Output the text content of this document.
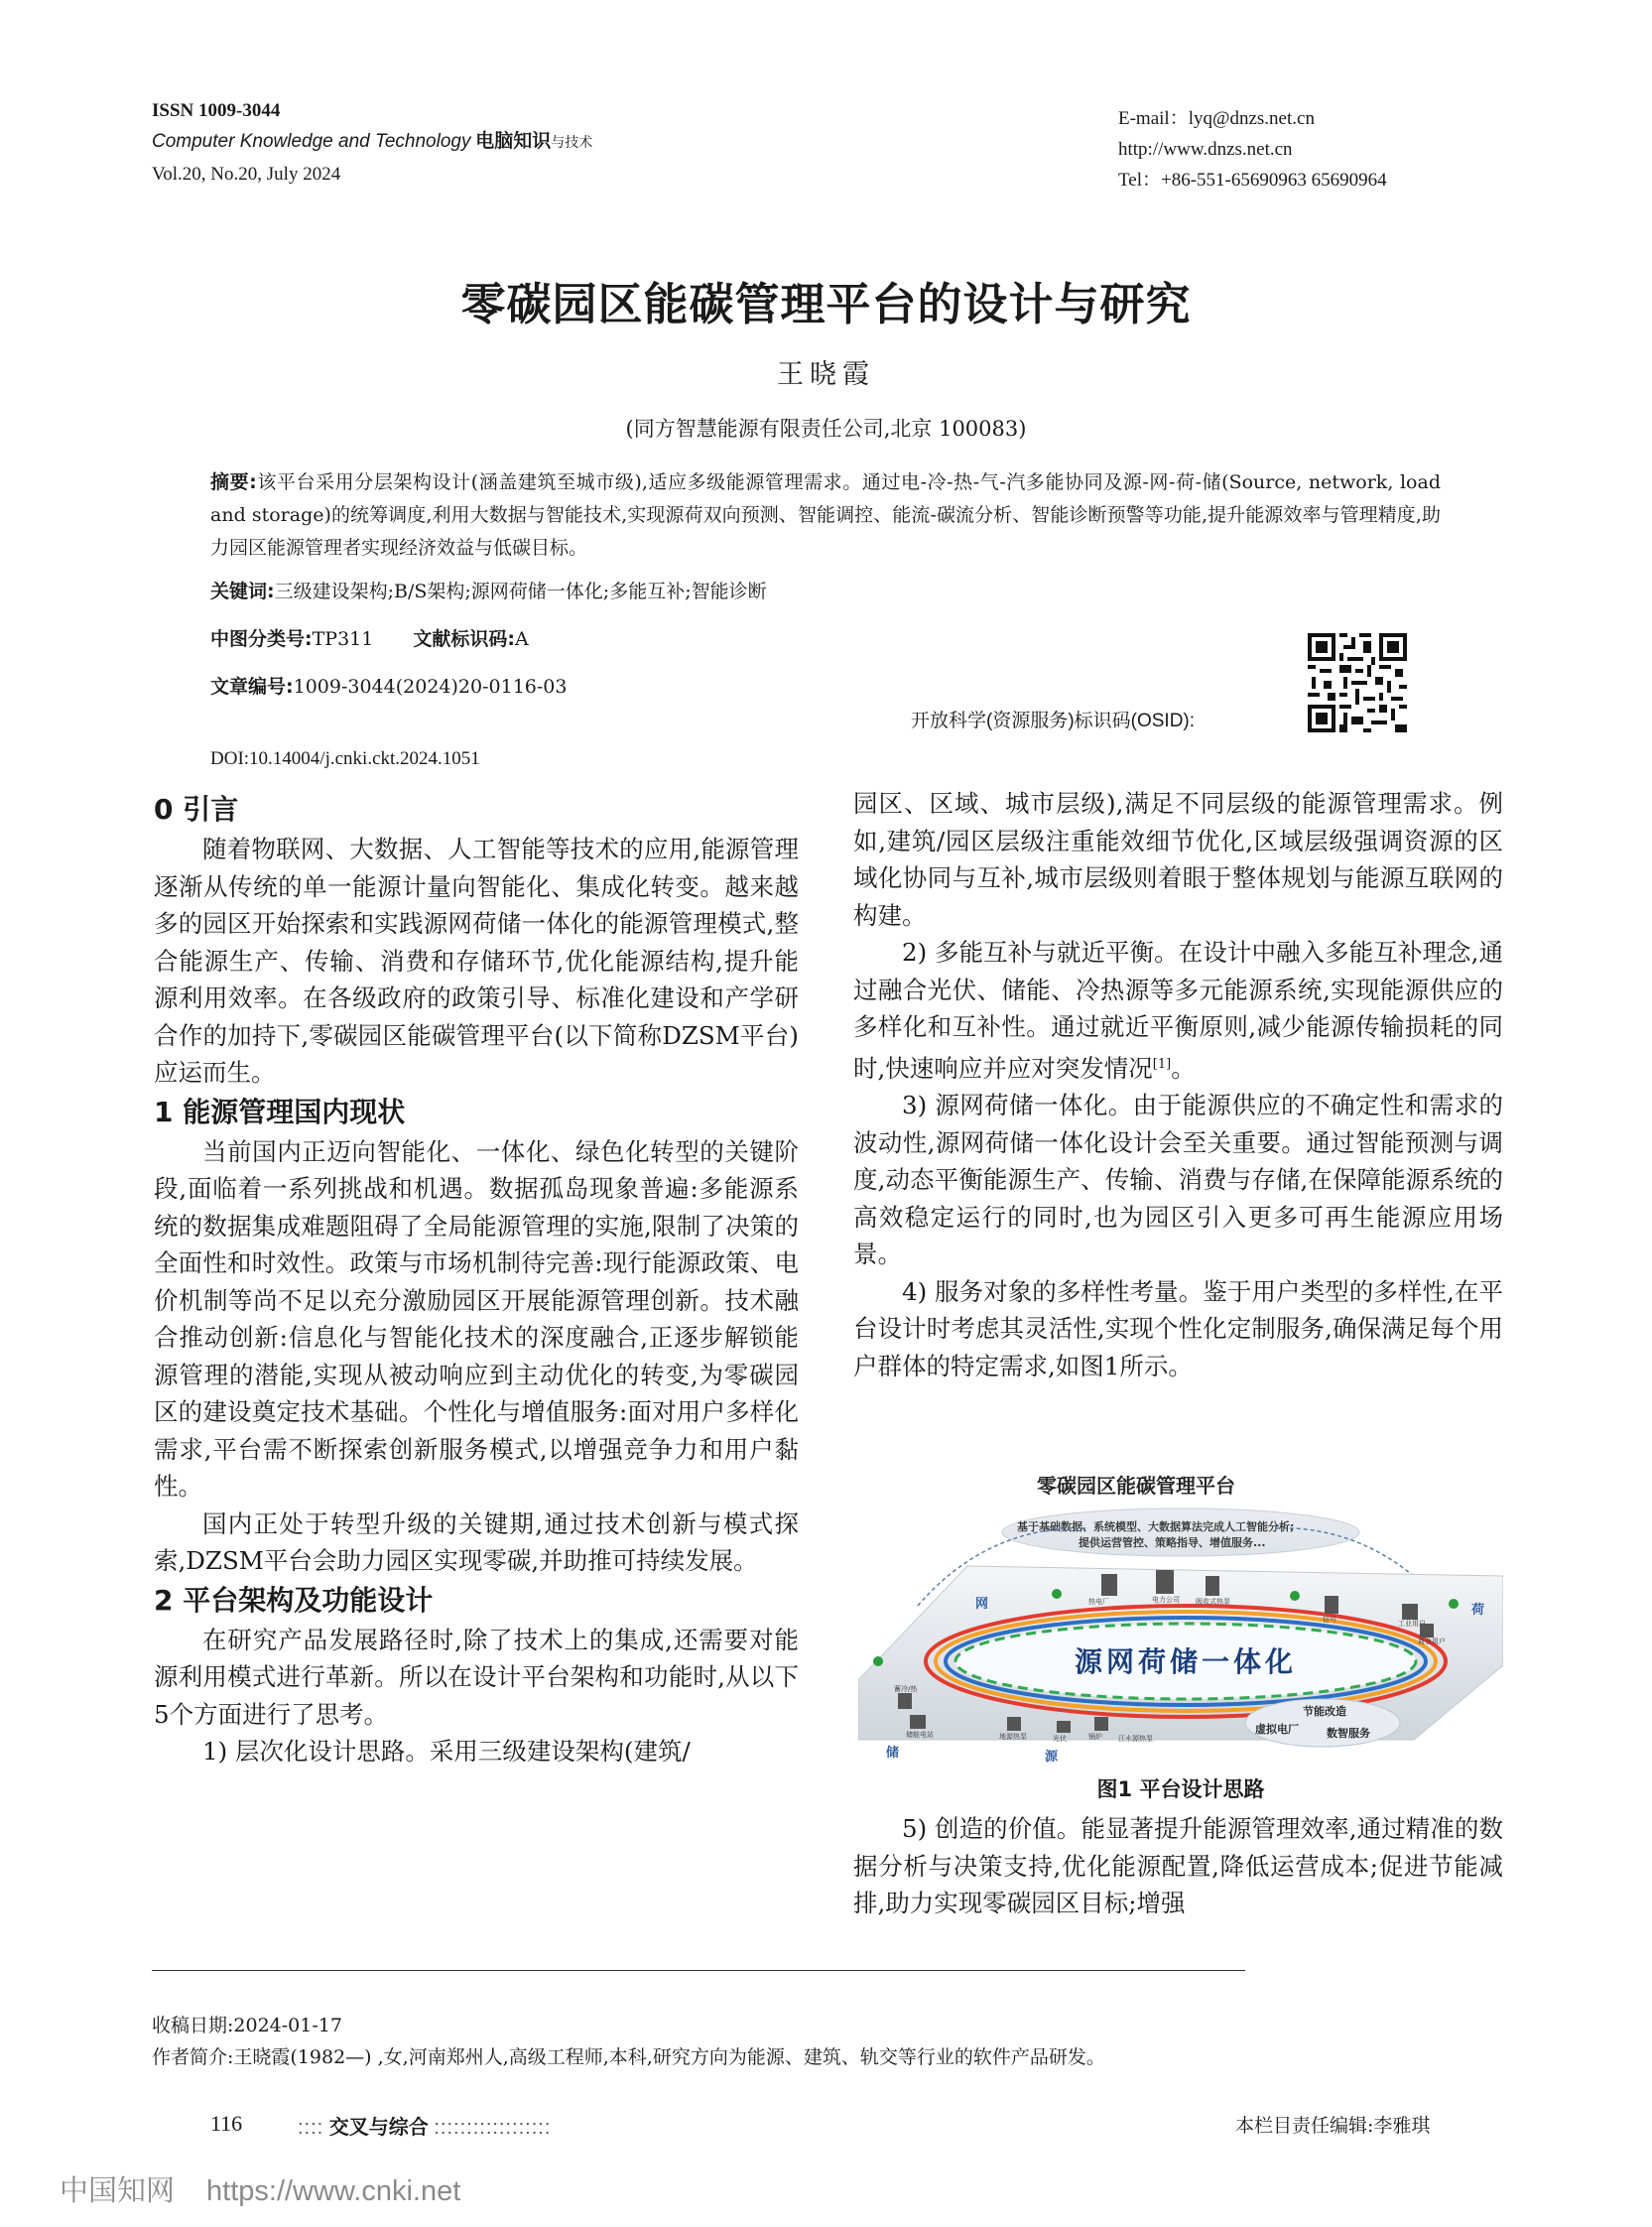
ISSN 1009-3044
Computer Knowledge and Technology 电脑知识与技术
Vol.20, No.20, July 2024
E-mail：lyq@dnzs.net.cn
http://www.dnzs.net.cn
Tel：+86-551-65690963 65690964
零碳园区能碳管理平台的设计与研究
王晓霞
(同方智慧能源有限责任公司,北京 100083)
摘要:该平台采用分层架构设计(涵盖建筑至城市级),适应多级能源管理需求。通过电-冷-热-气-汽多能协同及源-网-荷-储(Source, network, load and storage)的统筹调度,利用大数据与智能技术,实现源荷双向预测、智能调控、能流-碳流分析、智能诊断预警等功能,提升能源效率与管理精度,助力园区能源管理者实现经济效益与低碳目标。
关键词:三级建设架构;B/S架构;源网荷储一体化;多能互补;智能诊断
中图分类号:TP311 文献标识码:A
文章编号:1009-3044(2024)20-0116-03
开放科学(资源服务)标识码(OSID):
DOI:10.14004/j.cnki.ckt.2024.1051
0 引言

随着物联网、大数据、人工智能等技术的应用,能源管理逐渐从传统的单一能源计量向智能化、集成化转变。越来越多的园区开始探索和实践源网荷储一体化的能源管理模式,整合能源生产、传输、消费和存储环节,优化能源结构,提升能源利用效率。在各级政府的政策引导、标准化建设和产学研合作的加持下,零碳园区能碳管理平台(以下简称DZSM平台)应运而生。

1 能源管理国内现状

当前国内正迈向智能化、一体化、绿色化转型的关键阶段,面临着一系列挑战和机遇。数据孤岛现象普遍:多能源系统的数据集成难题阻碍了全局能源管理的实施,限制了决策的全面性和时效性。政策与市场机制待完善:现行能源政策、电价机制等尚不足以充分激励园区开展能源管理创新。技术融合推动创新:信息化与智能化技术的深度融合,正逐步解锁能源管理的潜能,实现从被动响应到主动优化的转变,为零碳园区的建设奠定技术基础。个性化与增值服务:面对用户多样化需求,平台需不断探索创新服务模式,以增强竞争力和用户黏性。

国内正处于转型升级的关键期,通过技术创新与模式探索,DZSM平台会助力园区实现零碳,并助推可持续发展。

2 平台架构及功能设计

在研究产品发展路径时,除了技术上的集成,还需要对能源利用模式进行革新。所以在设计平台架构和功能时,从以下5个方面进行了思考。

1) 层次化设计思路。采用三级建设架构(建筑/

园区、区域、城市层级),满足不同层级的能源管理需求。例如,建筑/园区层级注重能效细节优化,区域层级强调资源的区域化协同与互补,城市层级则着眼于整体规划与能源互联网的构建。

2) 多能互补与就近平衡。在设计中融入多能互补理念,通过融合光伏、储能、冷热源等多元能源系统,实现能源供应的多样化和互补性。通过就近平衡原则,减少能源传输损耗的同时,快速响应并应对突发情况[1]。

3) 源网荷储一体化。由于能源供应的不确定性和需求的波动性,源网荷储一体化设计会至关重要。通过智能预测与调度,动态平衡能源生产、传输、消费与存储,在保障能源系统的高效稳定运行的同时,也为园区引入更多可再生能源应用场景。

4) 服务对象的多样性考量。鉴于用户类型的多样性,在平台设计时考虑其灵活性,实现个性化定制服务,确保满足每个用户群体的特定需求,如图1所示。

零碳园区能碳管理平台
基于基础数据、系统模型、大数据算法完成人工智能分析;
提供运营管控、策略指导、增值服务...
源网荷储一体化
网	荷
储	源
热电厂	电力公司 吸收式热泵
信号	工业用户
商业用户
蓄冷/热
储能电站	地源热泵	光伏	锅炉 江水源热泵
节能改造
虚拟电厂	数智服务
图1 平台设计思路

5) 创造的价值。能显著提升能源管理效率,通过精准的数据分析与决策支持,优化能源配置,降低运营成本;促进节能减排,助力实现零碳园区目标;增强

收稿日期:2024-01-17
作者简介:王晓霞(1982—) ,女,河南郑州人,高级工程师,本科,研究方向为能源、建筑、轨交等行业的软件产品研发。
116	:::: 交叉与综合 ::::::::::::::::::	本栏目责任编辑:李雅琪
中国知网 https://www.cnki.net
